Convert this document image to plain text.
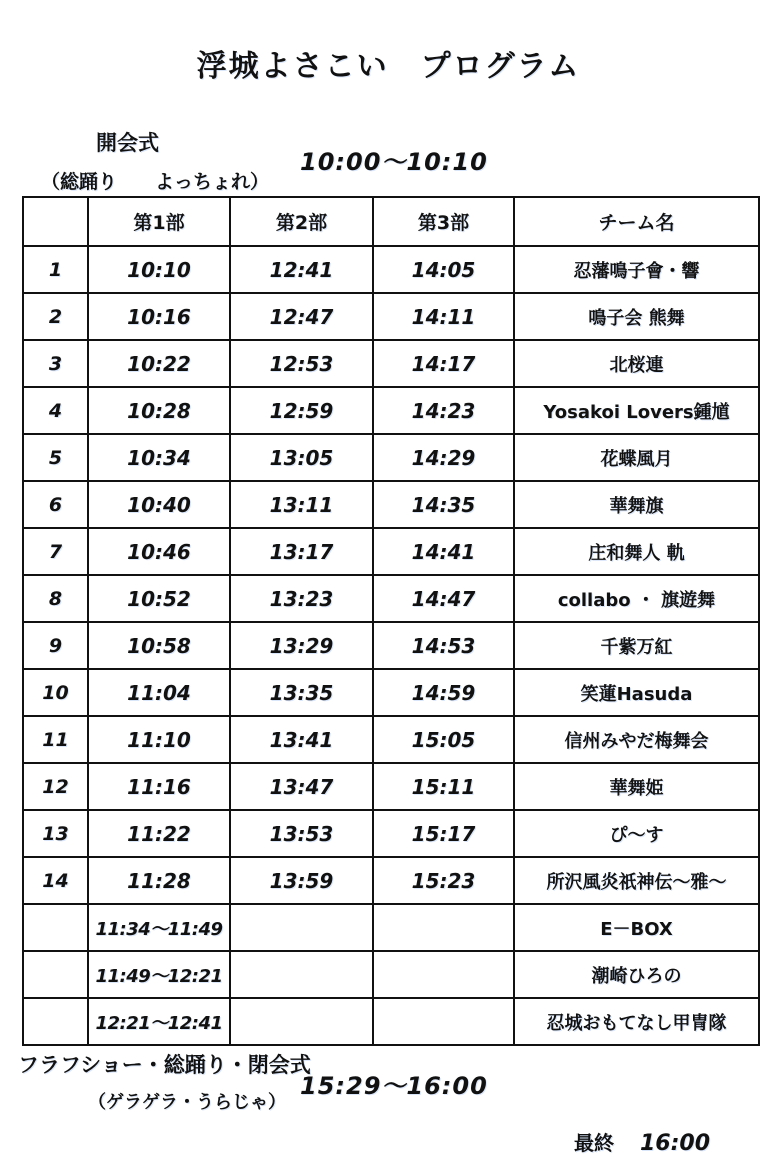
浮城よさこい　プログラム
開会式
10:00～10:10
（総踊り　　よっちょれ）
	第1部	第2部	第3部	チーム名
1	10:10	12:41	14:05	忍藩鳴子會・響
2	10:16	12:47	14:11	鳴子会 熊舞
3	10:22	12:53	14:17	北桜連
4	10:28	12:59	14:23	Yosakoi Lovers鍾馗
5	10:34	13:05	14:29	花蝶風月
6	10:40	13:11	14:35	華舞旗
7	10:46	13:17	14:41	庄和舞人 軌
8	10:52	13:23	14:47	collabo ・ 旗遊舞
9	10:58	13:29	14:53	千紫万紅
10	11:04	13:35	14:59	笑蓮Hasuda
11	11:10	13:41	15:05	信州みやだ梅舞会
12	11:16	13:47	15:11	華舞姫
13	11:22	13:53	15:17	ぴ～す
14	11:28	13:59	15:23	所沢風炎祇神伝～雅～
	11:34～11:49			E－BOX
	11:49～12:21			潮崎ひろの
	12:21～12:41			忍城おもてなし甲冑隊
フラフショー・総踊り・閉会式
（ゲラゲラ・うらじゃ）
15:29～16:00
最終 16:00
